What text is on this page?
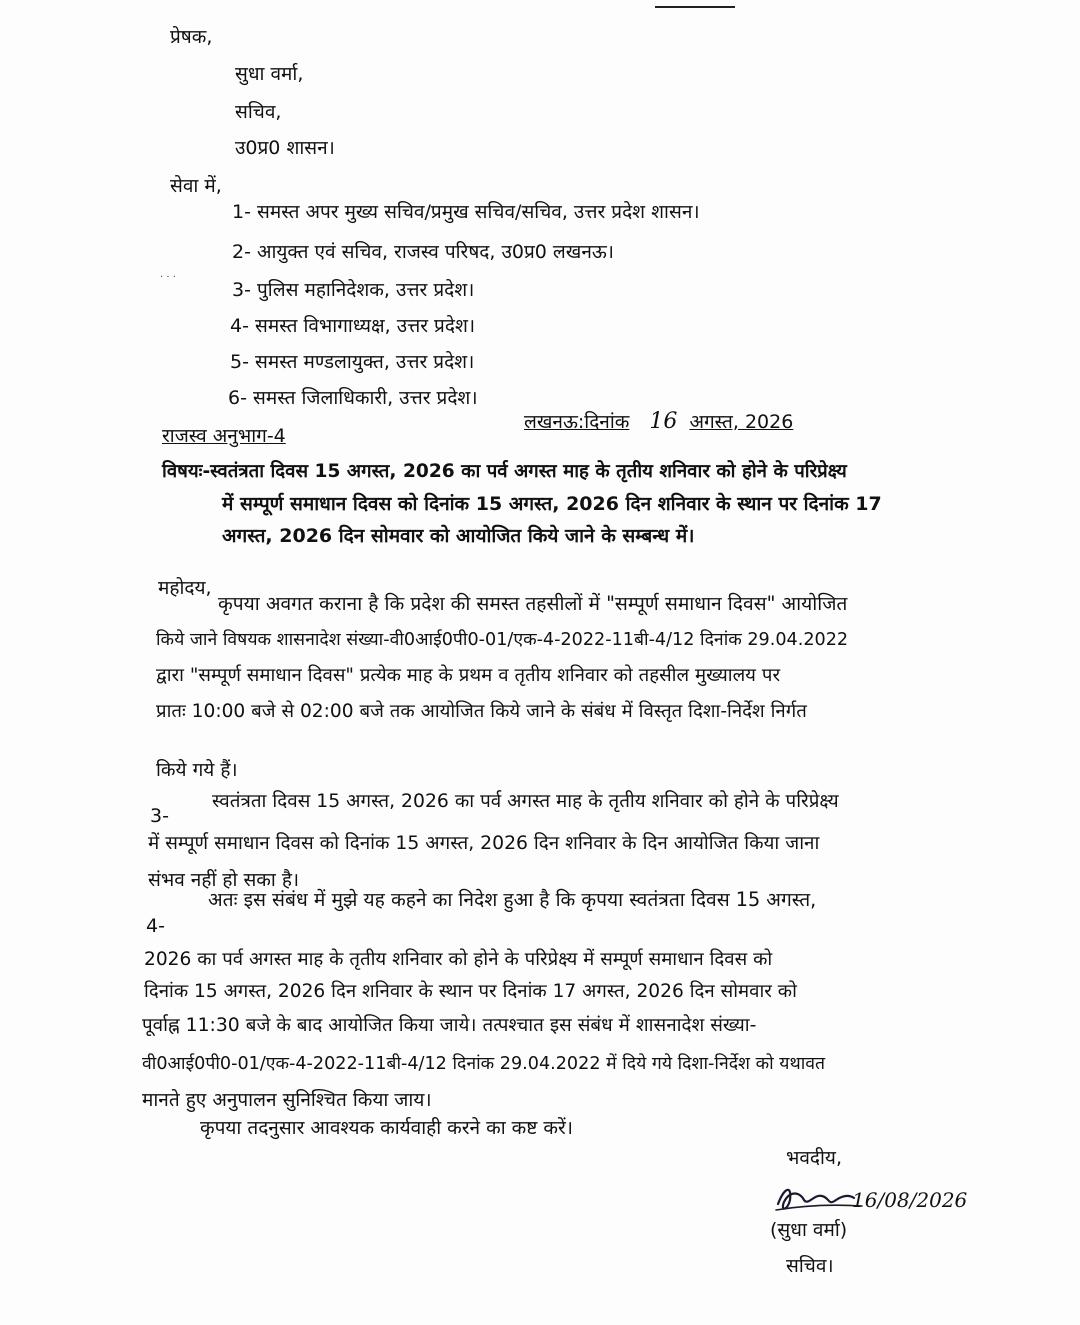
प्रेषक,
सुधा वर्मा,
सचिव,
उ0प्र0 शासन।
सेवा में,
1- समस्त अपर मुख्य सचिव/प्रमुख सचिव/सचिव, उत्तर प्रदेश शासन।
2- आयुक्त एवं सचिव, राजस्व परिषद, उ0प्र0 लखनऊ।
· · ·
3- पुलिस महानिदेशक, उत्तर प्रदेश।
4- समस्त विभागाध्यक्ष, उत्तर प्रदेश।
5- समस्त मण्डलायुक्त, उत्तर प्रदेश।
6- समस्त जिलाधिकारी, उत्तर प्रदेश।
राजस्व अनुभाग-4
लखनऊ:दिनांक 16 अगस्त, 2026
विषयः-स्वतंत्रता दिवस 15 अगस्त, 2026 का पर्व अगस्त माह के तृतीय शनिवार को होने के परिप्रेक्ष्य
में सम्पूर्ण समाधान दिवस को दिनांक 15 अगस्त, 2026 दिन शनिवार के स्थान पर दिनांक 17
अगस्त, 2026 दिन सोमवार को आयोजित किये जाने के सम्बन्ध में।
महोदय,
कृपया अवगत कराना है कि प्रदेश की समस्त तहसीलों में "सम्पूर्ण समाधान दिवस" आयोजित
किये जाने विषयक शासनादेश संख्या-वी0आई0पी0-01/एक-4-2022-11बी-4/12 दिनांक 29.04.2022
द्वारा "सम्पूर्ण समाधान दिवस" प्रत्येक माह के प्रथम व तृतीय शनिवार को तहसील मुख्यालय पर
प्रातः 10:00 बजे से 02:00 बजे तक आयोजित किये जाने के संबंध में विस्तृत दिशा-निर्देश निर्गत
किये गये हैं।
3-
स्वतंत्रता दिवस 15 अगस्त, 2026 का पर्व अगस्त माह के तृतीय शनिवार को होने के परिप्रेक्ष्य
में सम्पूर्ण समाधान दिवस को दिनांक 15 अगस्त, 2026 दिन शनिवार के दिन आयोजित किया जाना
संभव नहीं हो सका है।
4-
अतः इस संबंध में मुझे यह कहने का निदेश हुआ है कि कृपया स्वतंत्रता दिवस 15 अगस्त,
2026 का पर्व अगस्त माह के तृतीय शनिवार को होने के परिप्रेक्ष्य में सम्पूर्ण समाधान दिवस को
दिनांक 15 अगस्त, 2026 दिन शनिवार के स्थान पर दिनांक 17 अगस्त, 2026 दिन सोमवार को
पूर्वाह्न 11:30 बजे के बाद आयोजित किया जाये। तत्पश्चात इस संबंध में शासनादेश संख्या-
वी0आई0पी0-01/एक-4-2022-11बी-4/12 दिनांक 29.04.2022 में दिये गये दिशा-निर्देश को यथावत
मानते हुए अनुपालन सुनिश्चित किया जाय।
कृपया तदनुसार आवश्यक कार्यवाही करने का कष्ट करें।
भवदीय,
16/08/2026
(सुधा वर्मा)
सचिव।
